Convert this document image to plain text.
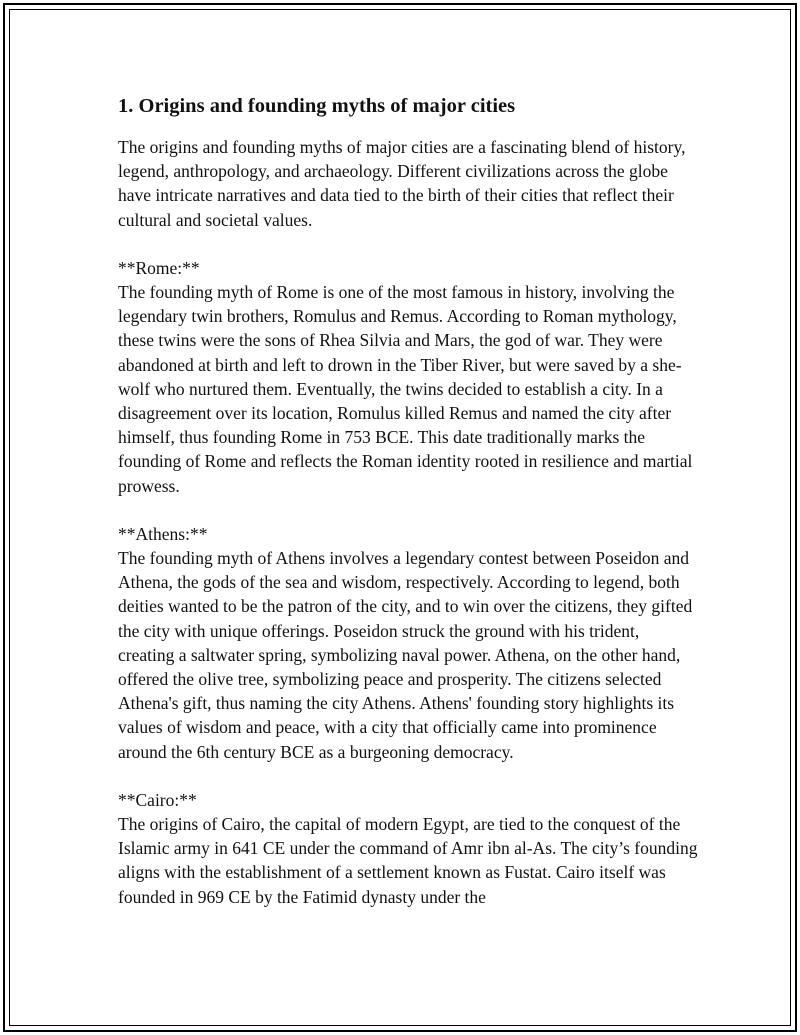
1. Origins and founding myths of major cities

The origins and founding myths of major cities are a fascinating blend of history, legend, anthropology, and archaeology. Different civilizations across the globe have intricate narratives and data tied to the birth of their cities that reflect their cultural and societal values.

**Rome:**
The founding myth of Rome is one of the most famous in history, involving the legendary twin brothers, Romulus and Remus. According to Roman mythology, these twins were the sons of Rhea Silvia and Mars, the god of war. They were abandoned at birth and left to drown in the Tiber River, but were saved by a she-wolf who nurtured them. Eventually, the twins decided to establish a city. In a disagreement over its location, Romulus killed Remus and named the city after himself, thus founding Rome in 753 BCE. This date traditionally marks the founding of Rome and reflects the Roman identity rooted in resilience and martial prowess.

**Athens:**
The founding myth of Athens involves a legendary contest between Poseidon and Athena, the gods of the sea and wisdom, respectively. According to legend, both deities wanted to be the patron of the city, and to win over the citizens, they gifted the city with unique offerings. Poseidon struck the ground with his trident, creating a saltwater spring, symbolizing naval power. Athena, on the other hand, offered the olive tree, symbolizing peace and prosperity. The citizens selected Athena's gift, thus naming the city Athens. Athens' founding story highlights its values of wisdom and peace, with a city that officially came into prominence around the 6th century BCE as a burgeoning democracy.

**Cairo:**
The origins of Cairo, the capital of modern Egypt, are tied to the conquest of the Islamic army in 641 CE under the command of Amr ibn al-As. The city’s founding aligns with the establishment of a settlement known as Fustat. Cairo itself was founded in 969 CE by the Fatimid dynasty under the
